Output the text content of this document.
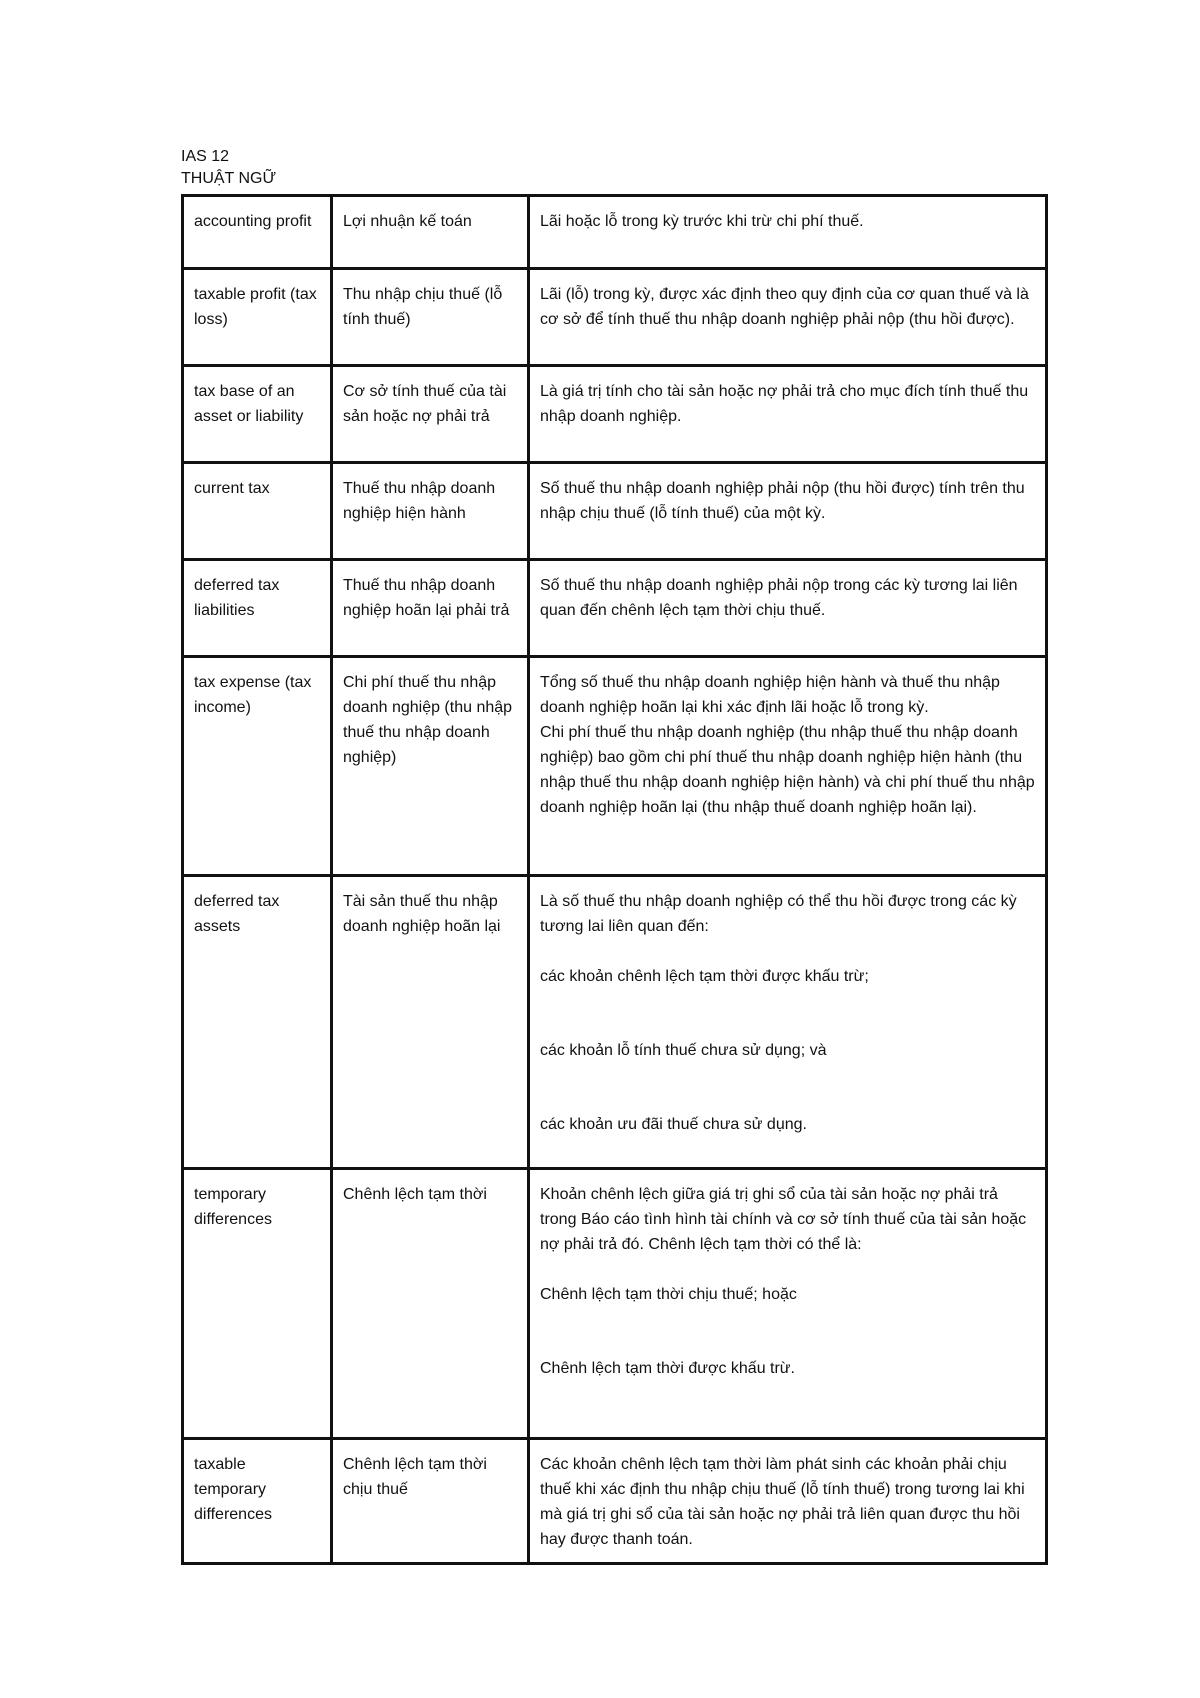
IAS 12
THUẬT NGỮ
accounting profit	Lợi nhuận kế toán	Lãi hoặc lỗ trong kỳ trước khi trừ chi phí thuế.

taxable profit (tax loss)	Thu nhập chịu thuế (lỗ tính thuế)	Lãi (lỗ) trong kỳ, được xác định theo quy định của cơ quan thuế và là cơ sở để tính thuế thu nhập doanh nghiệp phải nộp (thu hồi được).

tax base of an asset or liability	Cơ sở tính thuế của tài sản hoặc nợ phải trả	Là giá trị tính cho tài sản hoặc nợ phải trả cho mục đích tính thuế thu nhập doanh nghiệp.

current tax	Thuế thu nhập doanh nghiệp hiện hành	Số thuế thu nhập doanh nghiệp phải nộp (thu hồi được) tính trên thu nhập chịu thuế (lỗ tính thuế) của một kỳ.

deferred tax liabilities	Thuế thu nhập doanh nghiệp hoãn lại phải trả	Số thuế thu nhập doanh nghiệp phải nộp trong các kỳ tương lai liên quan đến chênh lệch tạm thời chịu thuế.

tax expense (tax income)	Chi phí thuế thu nhập doanh nghiệp (thu nhập thuế thu nhập doanh nghiệp)	Tổng số thuế thu nhập doanh nghiệp hiện hành và thuế thu nhập doanh nghiệp hoãn lại khi xác định lãi hoặc lỗ trong kỳ.

Chi phí thuế thu nhập doanh nghiệp (thu nhập thuế thu nhập doanh nghiệp) bao gồm chi phí thuế thu nhập doanh nghiệp hiện hành (thu nhập thuế thu nhập doanh nghiệp hiện hành) và chi phí thuế thu nhập doanh nghiệp hoãn lại (thu nhập thuế doanh nghiệp hoãn lại).

deferred tax assets	Tài sản thuế thu nhập doanh nghiệp hoãn lại	Là số thuế thu nhập doanh nghiệp có thể thu hồi được trong các kỳ tương lai liên quan đến:

các khoản chênh lệch tạm thời được khấu trừ;

các khoản lỗ tính thuế chưa sử dụng; và

các khoản ưu đãi thuế chưa sử dụng.

temporary differences	Chênh lệch tạm thời	Khoản chênh lệch giữa giá trị ghi sổ của tài sản hoặc nợ phải trả trong Báo cáo tình hình tài chính và cơ sở tính thuế của tài sản hoặc nợ phải trả đó. Chênh lệch tạm thời có thể là:

Chênh lệch tạm thời chịu thuế; hoặc

Chênh lệch tạm thời được khấu trừ.

taxable temporary differences	Chênh lệch tạm thời chịu thuế	Các khoản chênh lệch tạm thời làm phát sinh các khoản phải chịu thuế khi xác định thu nhập chịu thuế (lỗ tính thuế) trong tương lai khi mà giá trị ghi sổ của tài sản hoặc nợ phải trả liên quan được thu hồi hay được thanh toán.
